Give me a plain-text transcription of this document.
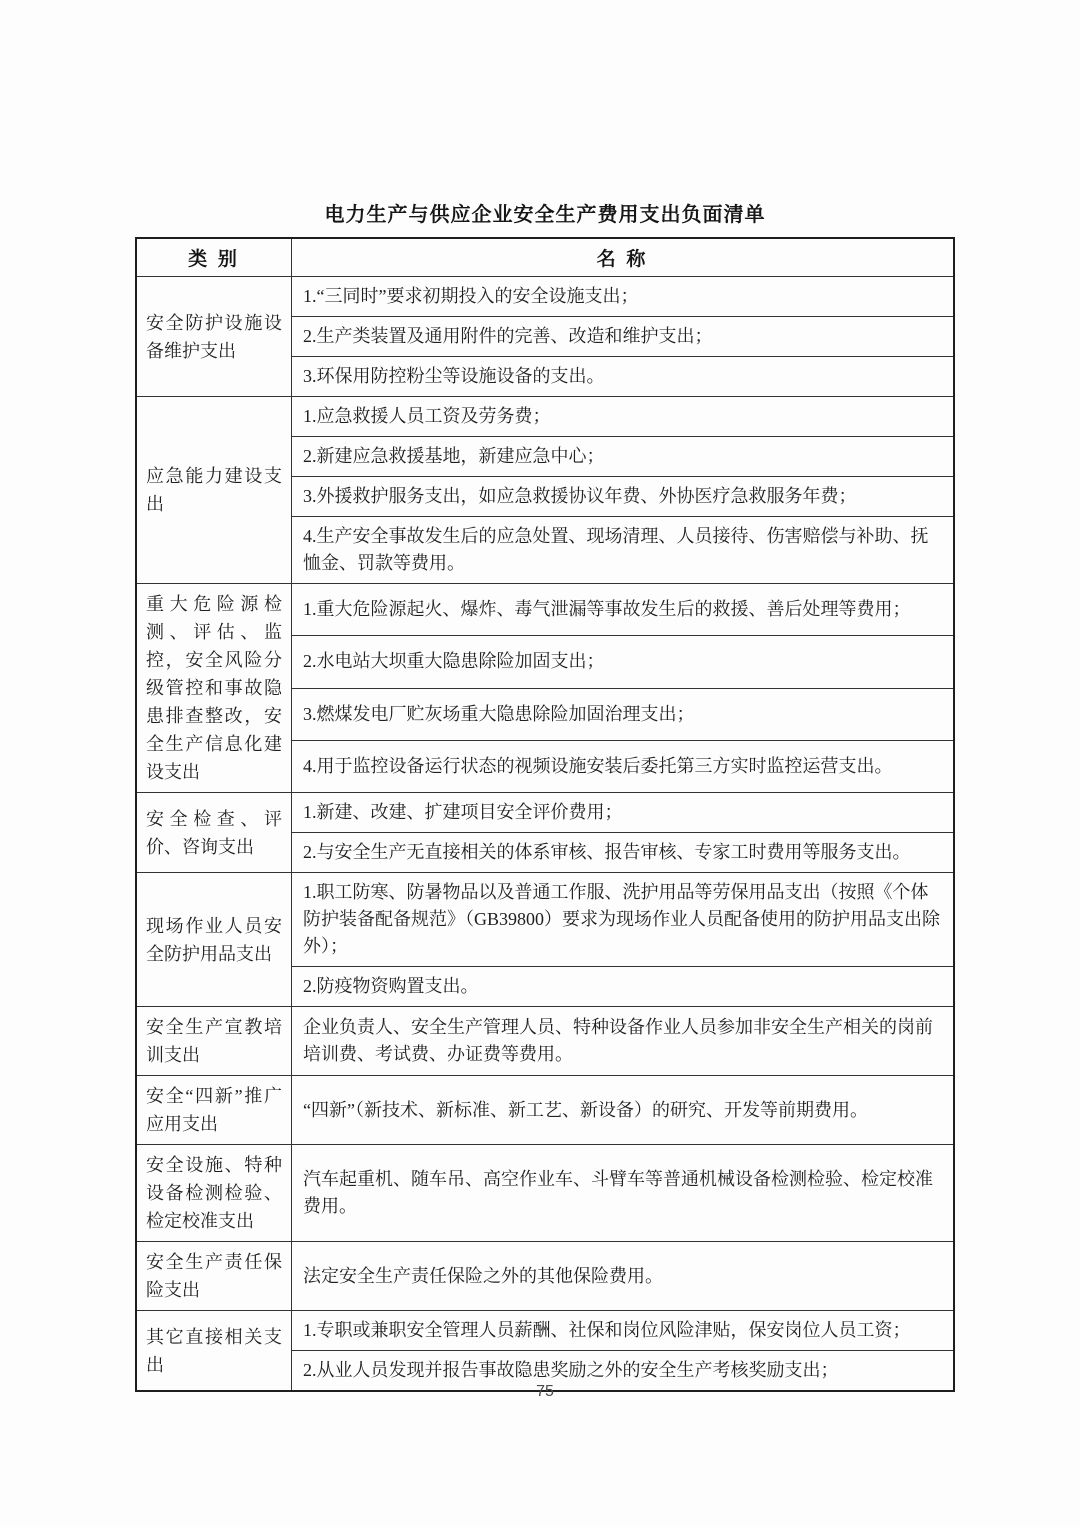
电力生产与供应企业安全生产费用支出负面清单
类 别	名 称
安全防护设施设备维护支出	1.“三同时”要求初期投入的安全设施支出；
	2.生产类装置及通用附件的完善、改造和维护支出；
	3.环保用防控粉尘等设施设备的支出。
应急能力建设支出	1.应急救援人员工资及劳务费；
	2.新建应急救援基地，新建应急中心；
	3.外援救护服务支出，如应急救援协议年费、外协医疗急救服务年费；
	4.生产安全事故发生后的应急处置、现场清理、人员接待、伤害赔偿与补助、抚恤金、罚款等费用。
重大危险源检测、评估、监控，安全风险分级管控和事故隐患排查整改，安全生产信息化建设支出	1.重大危险源起火、爆炸、毒气泄漏等事故发生后的救援、善后处理等费用；
	2.水电站大坝重大隐患除险加固支出；
	3.燃煤发电厂贮灰场重大隐患除险加固治理支出；
	4.用于监控设备运行状态的视频设施安装后委托第三方实时监控运营支出。
安全检查、评价、咨询支出	1.新建、改建、扩建项目安全评价费用；
	2.与安全生产无直接相关的体系审核、报告审核、专家工时费用等服务支出。
现场作业人员安全防护用品支出	1.职工防寒、防暑物品以及普通工作服、洗护用品等劳保用品支出（按照《个体防护装备配备规范》（GB39800）要求为现场作业人员配备使用的防护用品支出除外）；
	2.防疫物资购置支出。
安全生产宣教培训支出	企业负责人、安全生产管理人员、特种设备作业人员参加非安全生产相关的岗前培训费、考试费、办证费等费用。
安全“四新”推广应用支出	“四新”（新技术、新标准、新工艺、新设备）的研究、开发等前期费用。
安全设施、特种设备检测检验、检定校准支出	汽车起重机、随车吊、高空作业车、斗臂车等普通机械设备检测检验、检定校准费用。
安全生产责任保险支出	法定安全生产责任保险之外的其他保险费用。
其它直接相关支出	1.专职或兼职安全管理人员薪酬、社保和岗位风险津贴，保安岗位人员工资；
	2.从业人员发现并报告事故隐患奖励之外的安全生产考核奖励支出；
75
